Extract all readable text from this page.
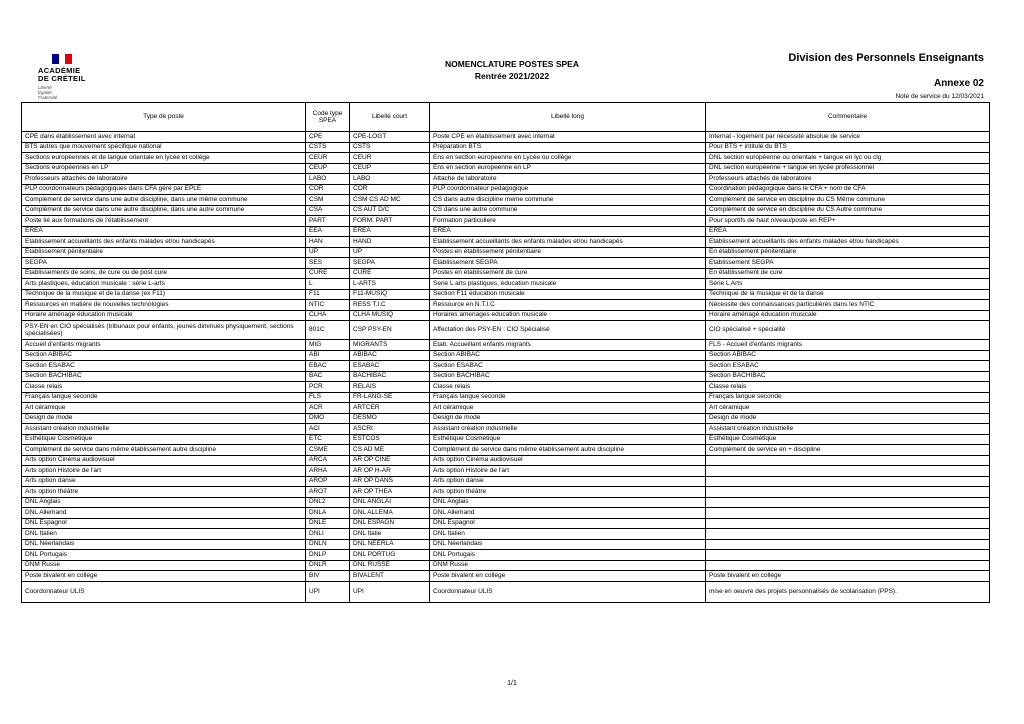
ACADÉMIE
DE CRÉTEIL
Liberté
Égalité
Fraternité
NOMENCLATURE POSTES SPEA
Rentrée 2021/2022
Division des Personnels Enseignants
Annexe 02
Note de service du 12/03/2021
Type de poste	Code type SPEA	Libellé court	Libellé long	Commentaire
CPE dans établissement avec internat	CPE	CPE-LOGT	Poste CPE en établissement avec internat	Internat - logement par nécessité absolue de service
BTS autres que mouvement spécifique national	CSTS	CSTS	Préparation BTS	Pour BTS + intitulé du BTS
Sections européennes et de langue orientale en lycée et collège	CEUR	CEUR	Ens en section europeenne en Lycée ou collège	DNL section européenne ou orientale + langue en lyc ou clg
Sections européennes en LP	CEUP	CEUP	Ens en section europeenne en LP	DNL section européenne + langue en lycée professionnel
Professeurs attachés de laboratoire	LABO	LABO	Attache de laboratoire	Professeurs attachés de laboratoire
PLP coordonnateurs pédagogiques dans CFA géré par EPLE	COR	COR	PLP coordonnateur pedagogique	Coordination pédagogique dans le CFA + nom de CFA
Complément de service dans une autre discipline, dans une même commune	CSM	CSM CS AD MC	CS dans autre discipline meme commune	Complément de service en discipline du CS Même commune
Complément de service dans une autre discipline, dans une autre commune	CSA	CS AUT D/C	CS dans une autre commune	Complément de service en discipline du CS Autre commune
Poste lié aux formations de l'établissement	PART	FORM. PART	Formation particuliere	Pour sportifs de haut niveau/poste en REP+
EREA	EEA	EREA	EREA	EREA
Etablissement accueillants des enfants malades et/ou handicapés	HAN	HAND	Etablissement accueillants des enfants malades et/ou handicapés	Etablissement accueillants des enfants malades et/ou handicapés
Etablissement pénitentiaire	UP	UP	Postes en établissement pénitentiaire	En établissement pénitentiaire
SEGPA	SES	SEGPA	Etablissement SEGPA	Etablissement SEGPA
Etablissements de soins, de cure ou de post cure	CURE	CURE	Postes en établissement de cure	En établissement de cure
Arts plastiques, éducation musicale : série L-arts	L	L-ARTS	Serie L arts plastiques, éducation musicale	Série L Arts
Technique de la musique et de la danse (ex F11)	F11	F11-MUSIQ	Section F11 éducation musicale	Technique de la musique et de la danse
Ressources en matière de nouvelles technologies	NTIC	RESS T.I.C	Ressource en N.T.I.C	Nécessite des connaissances particulières dans les NTIC
Horaire aménagé éducation musicale	CLHA	CLHA MUSIQ	Horaires amenages education musicale	Horaire aménagé éducation musicale
PSY-EN en CIO spécialisés (tribunaux pour enfants, jeunes diminués physiquement, sections spécialisées)	801C	CSP PSY-EN	Affectation des PSY-EN : CIO Spécialisé	CIO spécialisé + spécialité
Accueil d'enfants migrants	MIG	MIGRANTS	Etab. Accueillant enfants migrants	FLS - Accueil d'enfants migrants
Section ABIBAC	ABI	ABIBAC	Section ABIBAC	Section ABIBAC
Section ESABAC	EBAC	ESABAC	Section ESABAC	Section ESABAC
Section BACHIBAC	BAC	BACHIBAC	Section BACHIBAC	Section BACHIBAC
Classe relais	PCR	RELAIS	Classe relais	Classe relais
Français langue seconde	FLS	FR-LANG-SE	Français langue seconde	Français langue seconde
Art céramique	ACR	ARTCER	Art céramique	Art céramique
Design de mode	DMO	DESMO	Design de mode	Design de mode
Assistant création industrielle	ACI	ASCRI	Assistant création industrielle	Assistant création industrielle
Esthétique Cosmétique	ETC	ESTCOS	Esthétique Cosmétique	Esthétique Cosmétique
Complément de service dans même établissement autre discipline	CSME	CS AD ME	Complément de service dans même établissement autre discipline	Complément de service en + discipline
Arts option Cinéma audiovisuel	ARCA	AR OP CINE	Arts option Cinéma audiovisuel	
Arts option Histoire de l'art	ARHA	AR OP H-AR	Arts option Histoire de l'art	
Arts option danse	AROP	AR OP DANS	Arts option danse	
Arts option théâtre	AROT	AR OP THEA	Arts option théâtre	
DNL Anglais	DNL2	DNL ANGLAI	DNL Anglais	
DNL Allemand	DNLA	DNL ALLEMA	DNL Allemand	
DNL Espagnol	DNLE	DNL ESPAGN	DNL Espagnol	
DNL Italien	DNLI	DNL Italie	DNL Italien	
DNL Néerlandais	DNLN	DNL NEERLA	DNL Néerlandais	
DNL Portugais	DNLP	DNL PORTUG	DNL Portugais	
DNM Russe	DNLR	DNL RUSSE	DNM Russe	
Poste bivalent en collège	BIV	BIVALENT	Poste bivalent en collège	Poste bivalent en collège
Coordonnateur ULIS	UPI	UPI	Coordonnateur ULIS	mise en oeuvre des projets personnalisés de scolarisation (PPS).
1/1
